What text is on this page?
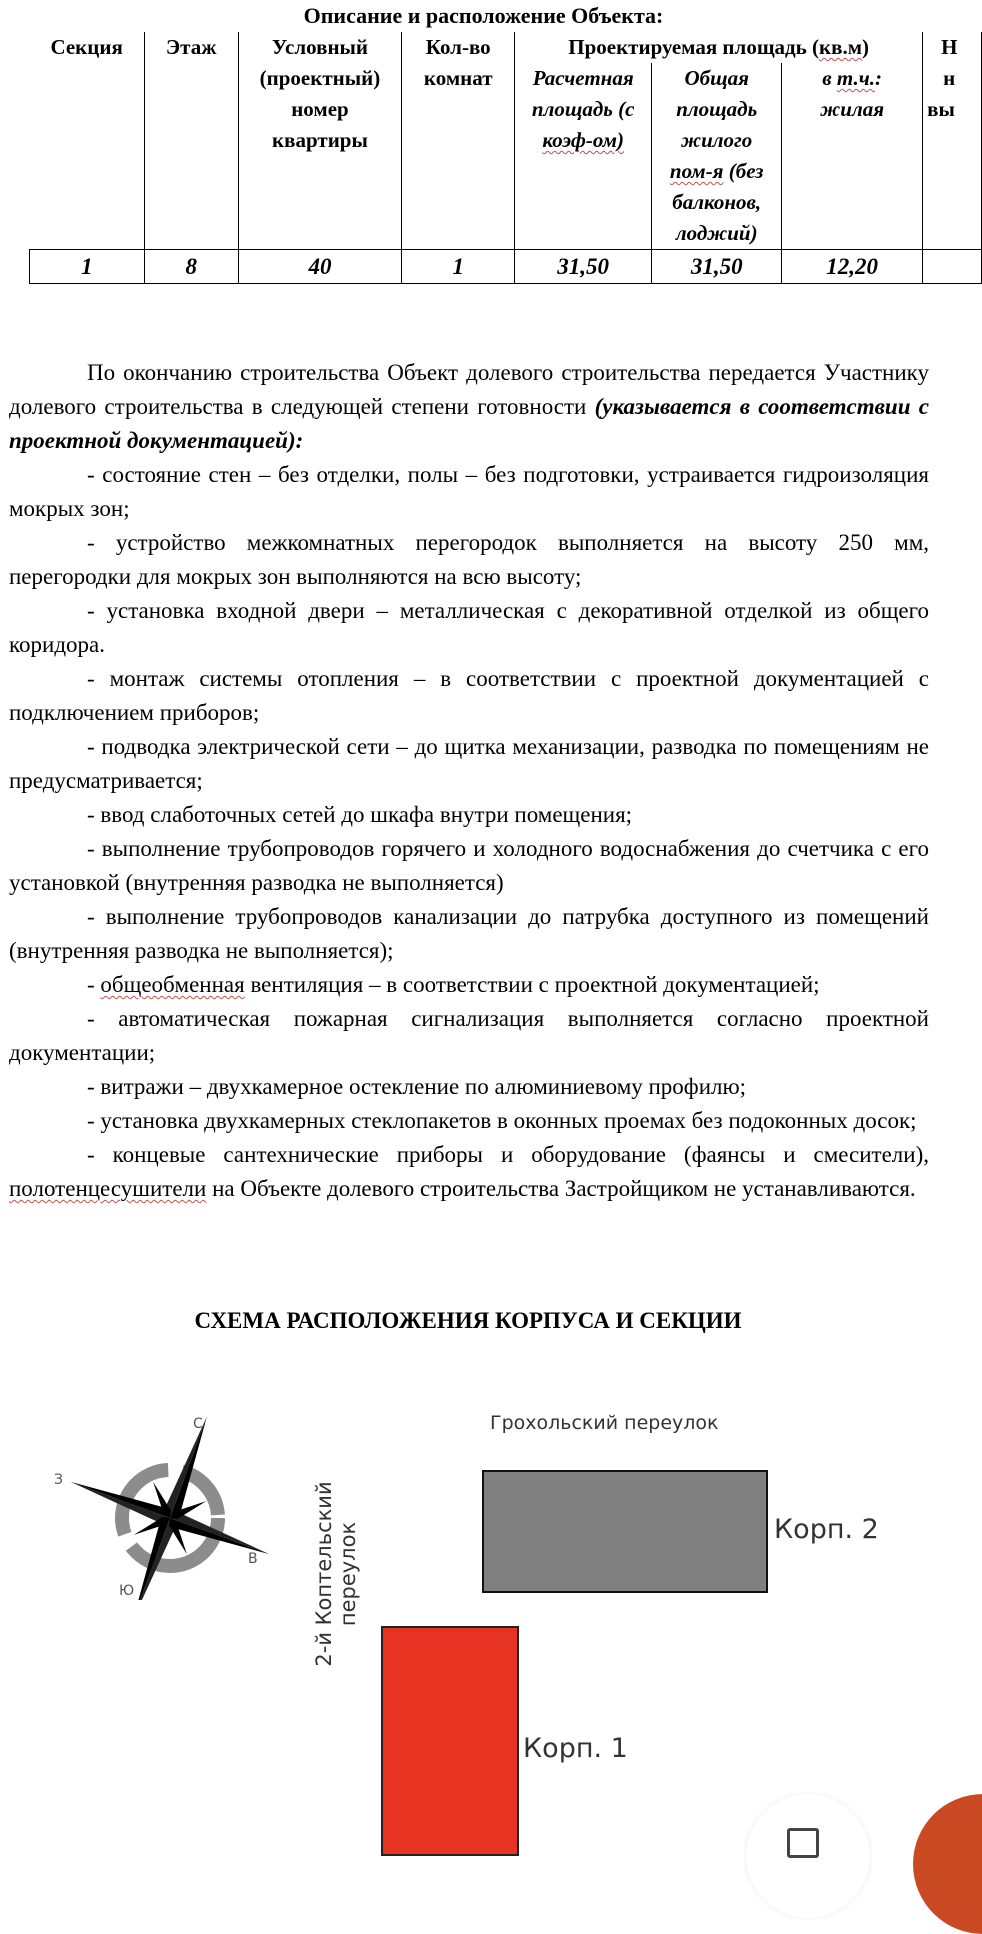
Описание и расположение Объекта:
Секция	Этаж	Условный
(проектный)
номер
квартиры

Кол-во
комнат
	Проектируемая площадь (кв.м)	Н
н
вы

Расчетная
площадь (с
коэф-ом)

Общая
площадь
жилого
пом-я (без
балконов,
лоджий)

в т.ч.:
жилая

1	8	40	1	31,50	31,50	12,20	

По окончанию строительства Объект долевого строительства передается Участнику долевого строительства в следующей степени готовности (указывается в соответствии с проектной документацией):

- состояние стен – без отделки, полы – без подготовки, устраивается гидроизоляция мокрых зон;

- устройство межкомнатных перегородок выполняется на высоту 250 мм, перегородки для мокрых зон выполняются на всю высоту;

- установка входной двери – металлическая с декоративной отделкой из общего коридора.

- монтаж системы отопления – в соответствии с проектной документацией с подключением приборов;

- подводка электрической сети – до щитка механизации, разводка по помещениям не предусматривается;

- ввод слаботочных сетей до шкафа внутри помещения;

- выполнение трубопроводов горячего и холодного водоснабжения до счетчика с его установкой (внутренняя разводка не выполняется)

- выполнение трубопроводов канализации до патрубка доступного из помещений (внутренняя разводка не выполняется);

- общеобменная вентиляция – в соответствии с проектной документацией;

- автоматическая пожарная сигнализация выполняется согласно проектной документации;

- витражи – двухкамерное остекление по алюминиевому профилю;

- установка двухкамерных стеклопакетов в оконных проемах без подоконных досок;

- концевые сантехнические приборы и оборудование (фаянсы и смесители), полотенцесушители на Объекте долевого строительства Застройщиком не устанавливаются.

СХЕМА РАСПОЛОЖЕНИЯ КОРПУСА И СЕКЦИИ
С
З
В
Ю
Грохольский переулок
2-й Коптельский переулок	Корп. 2
Корп. 1
